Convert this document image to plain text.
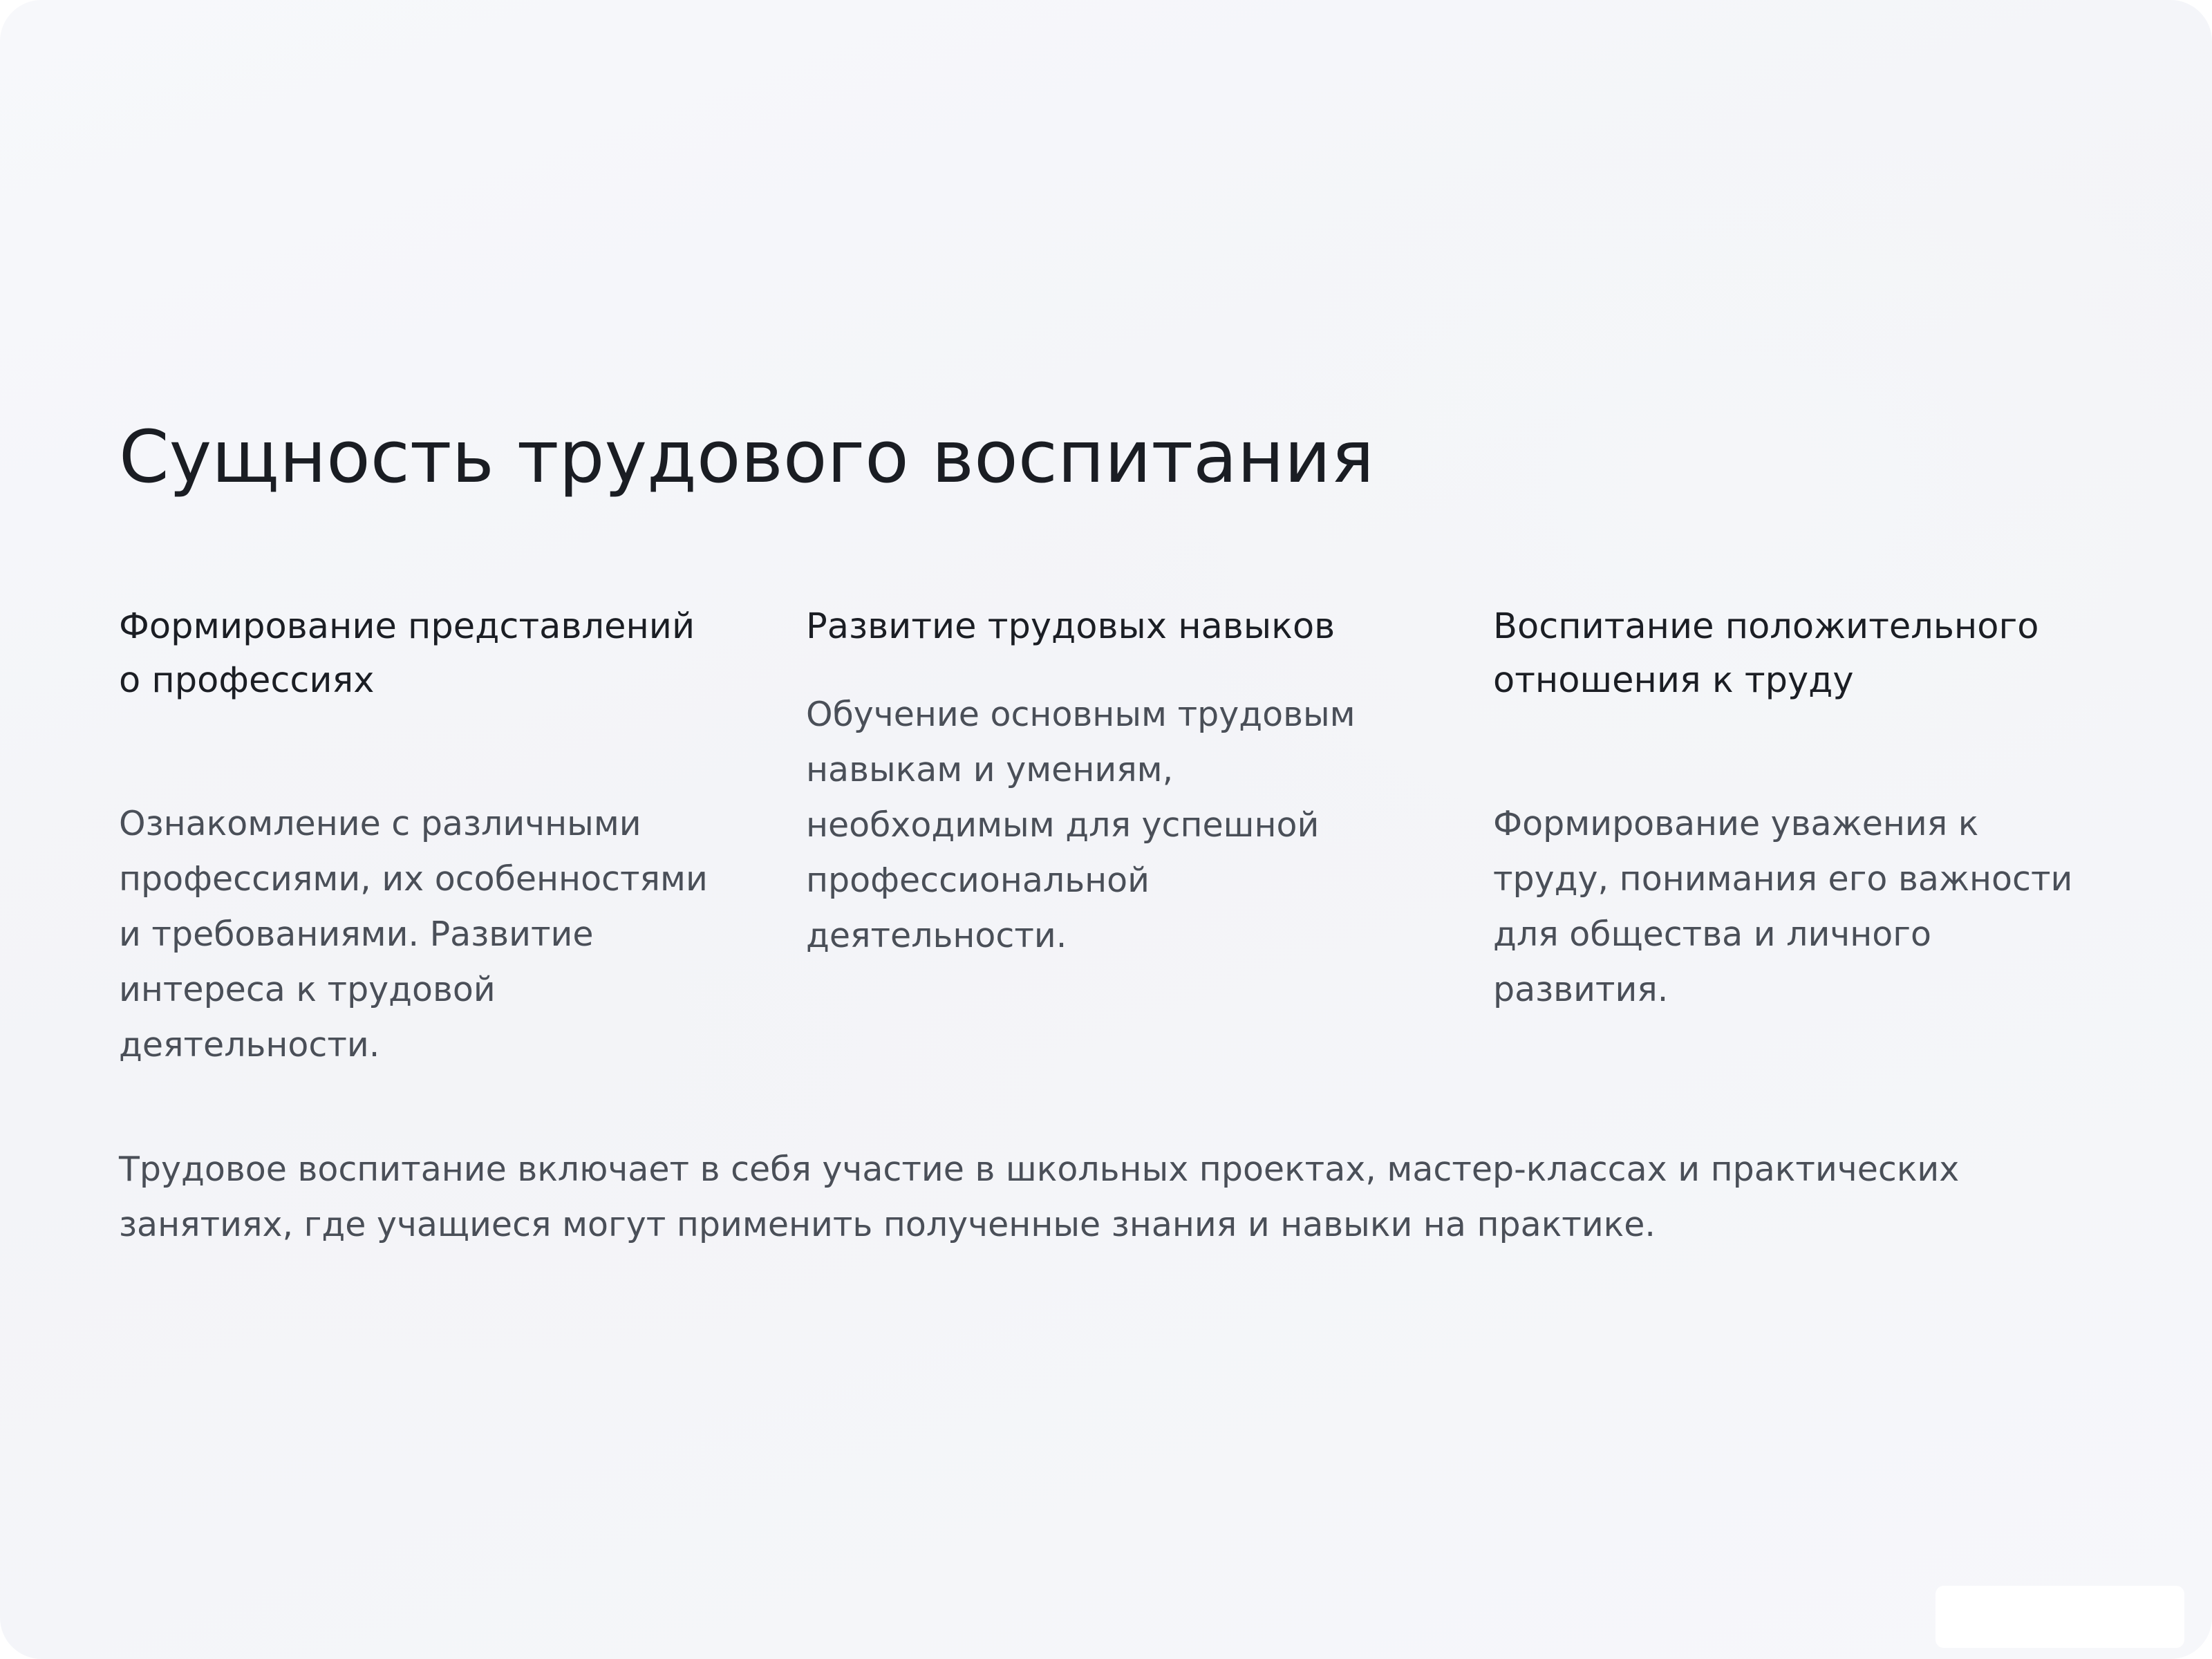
Сущность трудового воспитания
Формирование представлений о профессиях

Ознакомление с различными профессиями, их особенностями и требованиями. Развитие интереса к трудовой деятельности.

Развитие трудовых навыков

Обучение основным трудовым навыкам и умениям, необходимым для успешной профессиональной деятельности.

Воспитание положительного отношения к труду

Формирование уважения к труду, понимания его важности для общества и личного развития.

Трудовое воспитание включает в себя участие в школьных проектах, мастер-классах и практических занятиях, где учащиеся могут применить полученные знания и навыки на практике.
